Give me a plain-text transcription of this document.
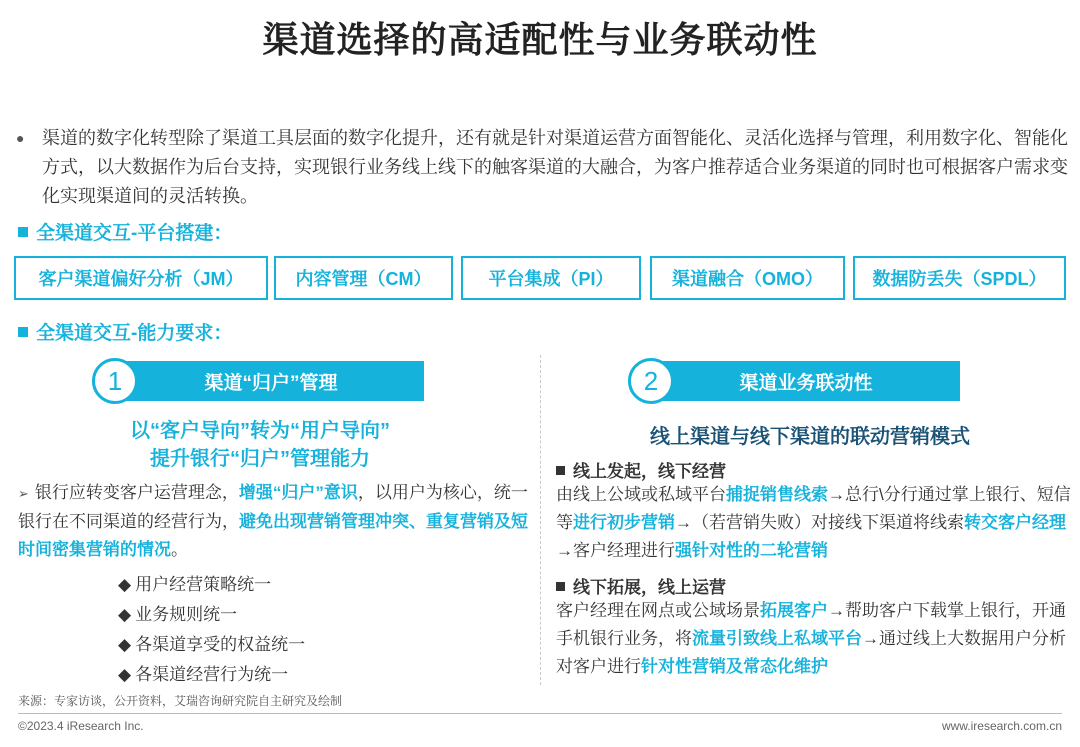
渠道选择的高适配性与业务联动性
● 渠道的数字化转型除了渠道工具层面的数字化提升，还有就是针对渠道运营方面智能化、灵活化选择与管理，利用数字化、智能化方式，以大数据作为后台支持，实现银行业务线上线下的触客渠道的大融合，为客户推荐适合业务渠道的同时也可根据客户需求变化实现渠道间的灵活转换。
全渠道交互-平台搭建：
客户渠道偏好分析（JM）	内容管理（CM）	平台集成（PI）	渠道融合（OMO）	数据防丢失（SPDL）
全渠道交互-能力要求：
渠道“归户”管理
1
以“客户导向”转为“用户导向”
提升银行“归户”管理能力
➢ 银行应转变客户运营理念，增强“归户”意识，以用户为核心，统一银行在不同渠道的经营行为，避免出现营销管理冲突、重复营销及短时间密集营销的情况。
◆ 用户经营策略统一
◆ 业务规则统一
◆ 各渠道享受的权益统一
◆ 各渠道经营行为统一
渠道业务联动性
2
线上渠道与线下渠道的联动营销模式
线上发起，线下经营
由线上公域或私域平台捕捉销售线索→总行\分行通过掌上银行、短信等进行初步营销→（若营销失败）对接线下渠道将线索转交客户经理→客户经理进行强针对性的二轮营销
线下拓展，线上运营
客户经理在网点或公域场景拓展客户→帮助客户下载掌上银行，开通手机银行业务，将流量引致线上私域平台→通过线上大数据用户分析对客户进行针对性营销及常态化维护
来源：专家访谈，公开资料，艾瑞咨询研究院自主研究及绘制
©2023.4 iResearch Inc.	www.iresearch.com.cn
